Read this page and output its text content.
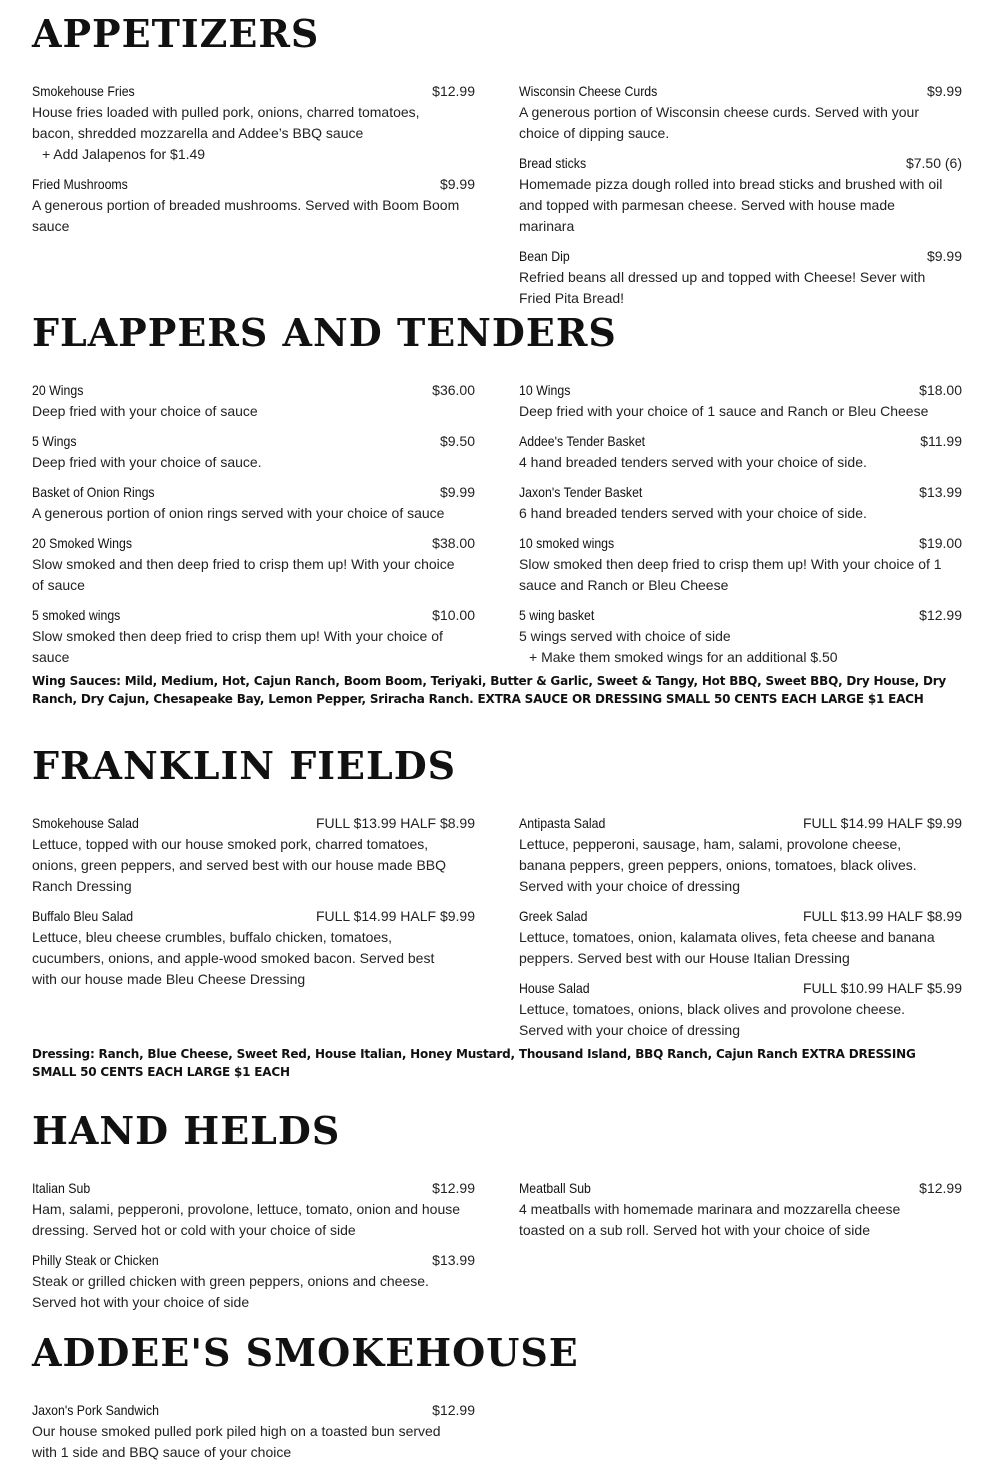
APPETIZERS
Smokehouse Fries	$12.99

House fries loaded with pulled pork, onions, charred tomatoes, bacon, shredded mozzarella and Addee’s BBQ sauce

+ Add Jalapenos for $1.49

Fried Mushrooms	$9.99

A generous portion of breaded mushrooms. Served with Boom Boom sauce

Wisconsin Cheese Curds	$9.99

A generous portion of Wisconsin cheese curds. Served with your choice of dipping sauce.

Bread sticks	$7.50 (6)

Homemade pizza dough rolled into bread sticks and brushed with oil and topped with parmesan cheese. Served with house made marinara

Bean Dip	$9.99

Refried beans all dressed up and topped with Cheese! Sever with Fried Pita Bread!

FLAPPERS AND TENDERS
20 Wings	$36.00

Deep fried with your choice of sauce

5 Wings	$9.50

Deep fried with your choice of sauce.

Basket of Onion Rings	$9.99

A generous portion of onion rings served with your choice of sauce

20 Smoked Wings	$38.00

Slow smoked and then deep fried to crisp them up! With your choice of sauce

5 smoked wings	$10.00

Slow smoked then deep fried to crisp them up! With your choice of sauce

10 Wings	$18.00

Deep fried with your choice of 1 sauce and Ranch or Bleu Cheese

Addee's Tender Basket	$11.99

4 hand breaded tenders served with your choice of side.

Jaxon's Tender Basket	$13.99

6 hand breaded tenders served with your choice of side.

10 smoked wings	$19.00

Slow smoked then deep fried to crisp them up! With your choice of 1 sauce and Ranch or Bleu Cheese

5 wing basket	$12.99

5 wings served with choice of side

+ Make them smoked wings for an additional $.50

Wing Sauces: Mild, Medium, Hot, Cajun Ranch, Boom Boom, Teriyaki, Butter & Garlic, Sweet & Tangy, Hot BBQ, Sweet BBQ, Dry House, Dry Ranch, Dry Cajun, Chesapeake Bay, Lemon Pepper, Sriracha Ranch. EXTRA SAUCE OR DRESSING SMALL 50 CENTS EACH LARGE $1 EACH

FRANKLIN FIELDS
Smokehouse Salad	FULL $13.99 HALF $8.99

Lettuce, topped with our house smoked pork, charred tomatoes, onions, green peppers, and served best with our house made BBQ Ranch Dressing

Buffalo Bleu Salad	FULL $14.99 HALF $9.99

Lettuce, bleu cheese crumbles, buffalo chicken, tomatoes, cucumbers, onions, and apple-wood smoked bacon. Served best with our house made Bleu Cheese Dressing

Antipasta Salad	FULL $14.99 HALF $9.99

Lettuce, pepperoni, sausage, ham, salami, provolone cheese, banana peppers, green peppers, onions, tomatoes, black olives. Served with your choice of dressing

Greek Salad	FULL $13.99 HALF $8.99

Lettuce, tomatoes, onion, kalamata olives, feta cheese and banana peppers. Served best with our House Italian Dressing

House Salad	FULL $10.99 HALF $5.99

Lettuce, tomatoes, onions, black olives and provolone cheese. Served with your choice of dressing

Dressing: Ranch, Blue Cheese, Sweet Red, House Italian, Honey Mustard, Thousand Island, BBQ Ranch, Cajun Ranch EXTRA DRESSING SMALL 50 CENTS EACH LARGE $1 EACH

HAND HELDS
Italian Sub	$12.99

Ham, salami, pepperoni, provolone, lettuce, tomato, onion and house dressing. Served hot or cold with your choice of side

Philly Steak or Chicken	$13.99

Steak or grilled chicken with green peppers, onions and cheese. Served hot with your choice of side

Meatball Sub	$12.99

4 meatballs with homemade marinara and mozzarella cheese toasted on a sub roll. Served hot with your choice of side

ADDEE'S SMOKEHOUSE
Jaxon's Pork Sandwich	$12.99

Our house smoked pulled pork piled high on a toasted bun served with 1 side and BBQ sauce of your choice
